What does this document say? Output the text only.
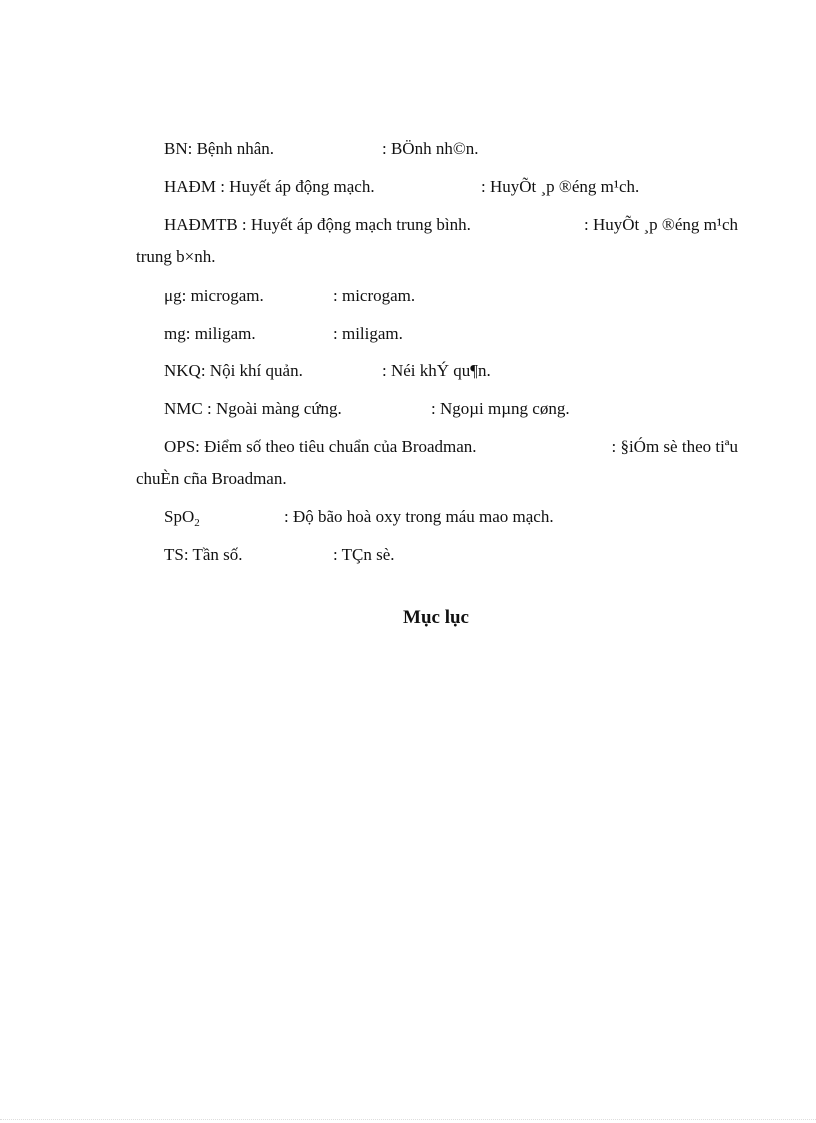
BN: Bệnh nhân.	: BÖnh nh©n.
HAĐM : Huyết áp động mạch.	: HuyÕt ¸p ®éng m¹ch.
HAĐMTB : Huyết áp động mạch trung bình.	: HuyÕt ¸p ®éng m¹ch
trung b×nh.
μg: microgam.	: microgam.
mg: miligam.	: miligam.
NKQ: Nội khí quản.	: Néi khÝ qu¶n.
NMC : Ngoài màng cứng.	: Ngoµi mµng cøng.
OPS: Điểm số theo tiêu chuẩn của Broadman.	: §iÓm sè theo tiªu
chuÈn cña Broadman.
SpO$_2$	: Độ bão hoà oxy trong máu mao mạch.
TS: Tần số.	: TÇn sè.
Mục lục
